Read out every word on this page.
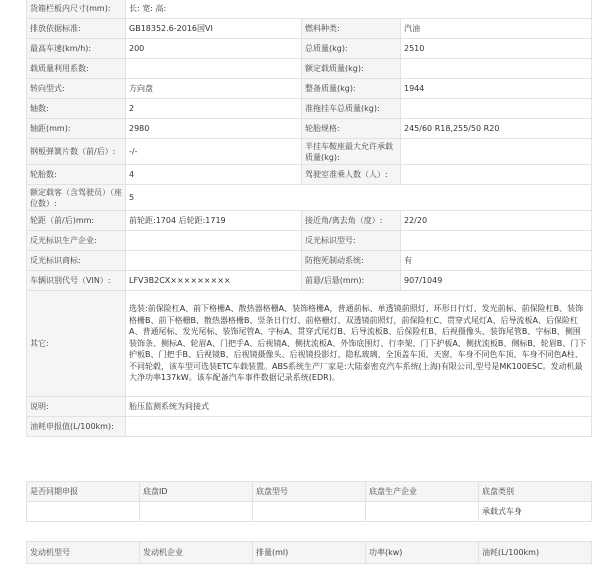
货箱栏板内尺寸(mm):	长: 宽: 高:		
排放依据标准:	GB18352.6-2016国VI	燃料种类:	汽油
最高车速(km/h):	200	总质量(kg):	2510
载质量利用系数:		额定载质量(kg):	
转向型式:	方向盘	整备质量(kg):	1944
轴数:	2	准拖挂车总质量(kg):	
轴距(mm):	2980	轮胎规格:	245/60 R18,255/50 R20
钢板弹簧片数（前/后）:	-/-	半挂车鞍座最大允许承载质量(kg):	
轮胎数:	4	驾驶室准乘人数（人）:	
额定载客（含驾驶员）（座位数）:	5		
轮距（前/后)mm:	前轮距:1704 后轮距:1719	接近角/离去角（度）:	22/20
反光标识生产企业:		反光标识型号:	
反光标识商标:		防抱死制动系统:	有
车辆识别代号（VIN）:	LFV3B2CX×××××××××	前悬/后悬(mm):	907/1049
其它:	选装:前保险杠A、前下格栅A、散热器格栅A、装饰格栅A，普通前标、单透镜前照灯、环形日行灯、发光前标、前保险杠B、装饰格栅B、前下格栅B、散热器格栅B、竖条日行灯、前格栅灯、双透镜前照灯，前保险杠C、贯穿式尾灯A、后导流板A、后保险杠A、普通尾标、发光尾标、装饰尾管A、字标A、贯穿式尾灯B、后导流板B、后保险杠B、后视摄像头、装饰尾管B、字标B、侧围装饰条、侧标A、轮眉A、门把手A、后视镜A、侧扰流板A、外饰底围灯、行李架、门下护板A、侧扰流板B、侧标B、轮眉B、门下护板B、门把手B、后视镜B、后视镜摄像头、后视镜投影灯、隐私玻璃、全顶盖车顶、天窗、车身不同色车顶、车身不同色A柱、不同轮毂，该车型可选装ETC车载装置。ABS系统生产厂家是:大陆泰密克汽车系统(上海)有限公司,型号是MK100ESC。发动机最大净功率137kW。该车配备汽车事件数据记录系统(EDR)。		
说明:	胎压监测系统为间接式		
油耗申报值(L/100km):			
是否同期申报	底盘ID	底盘型号	底盘生产企业	底盘类别
				承载式车身
发动机型号	发动机企业	排量(ml)	功率(kw)	油耗(L/100km)
